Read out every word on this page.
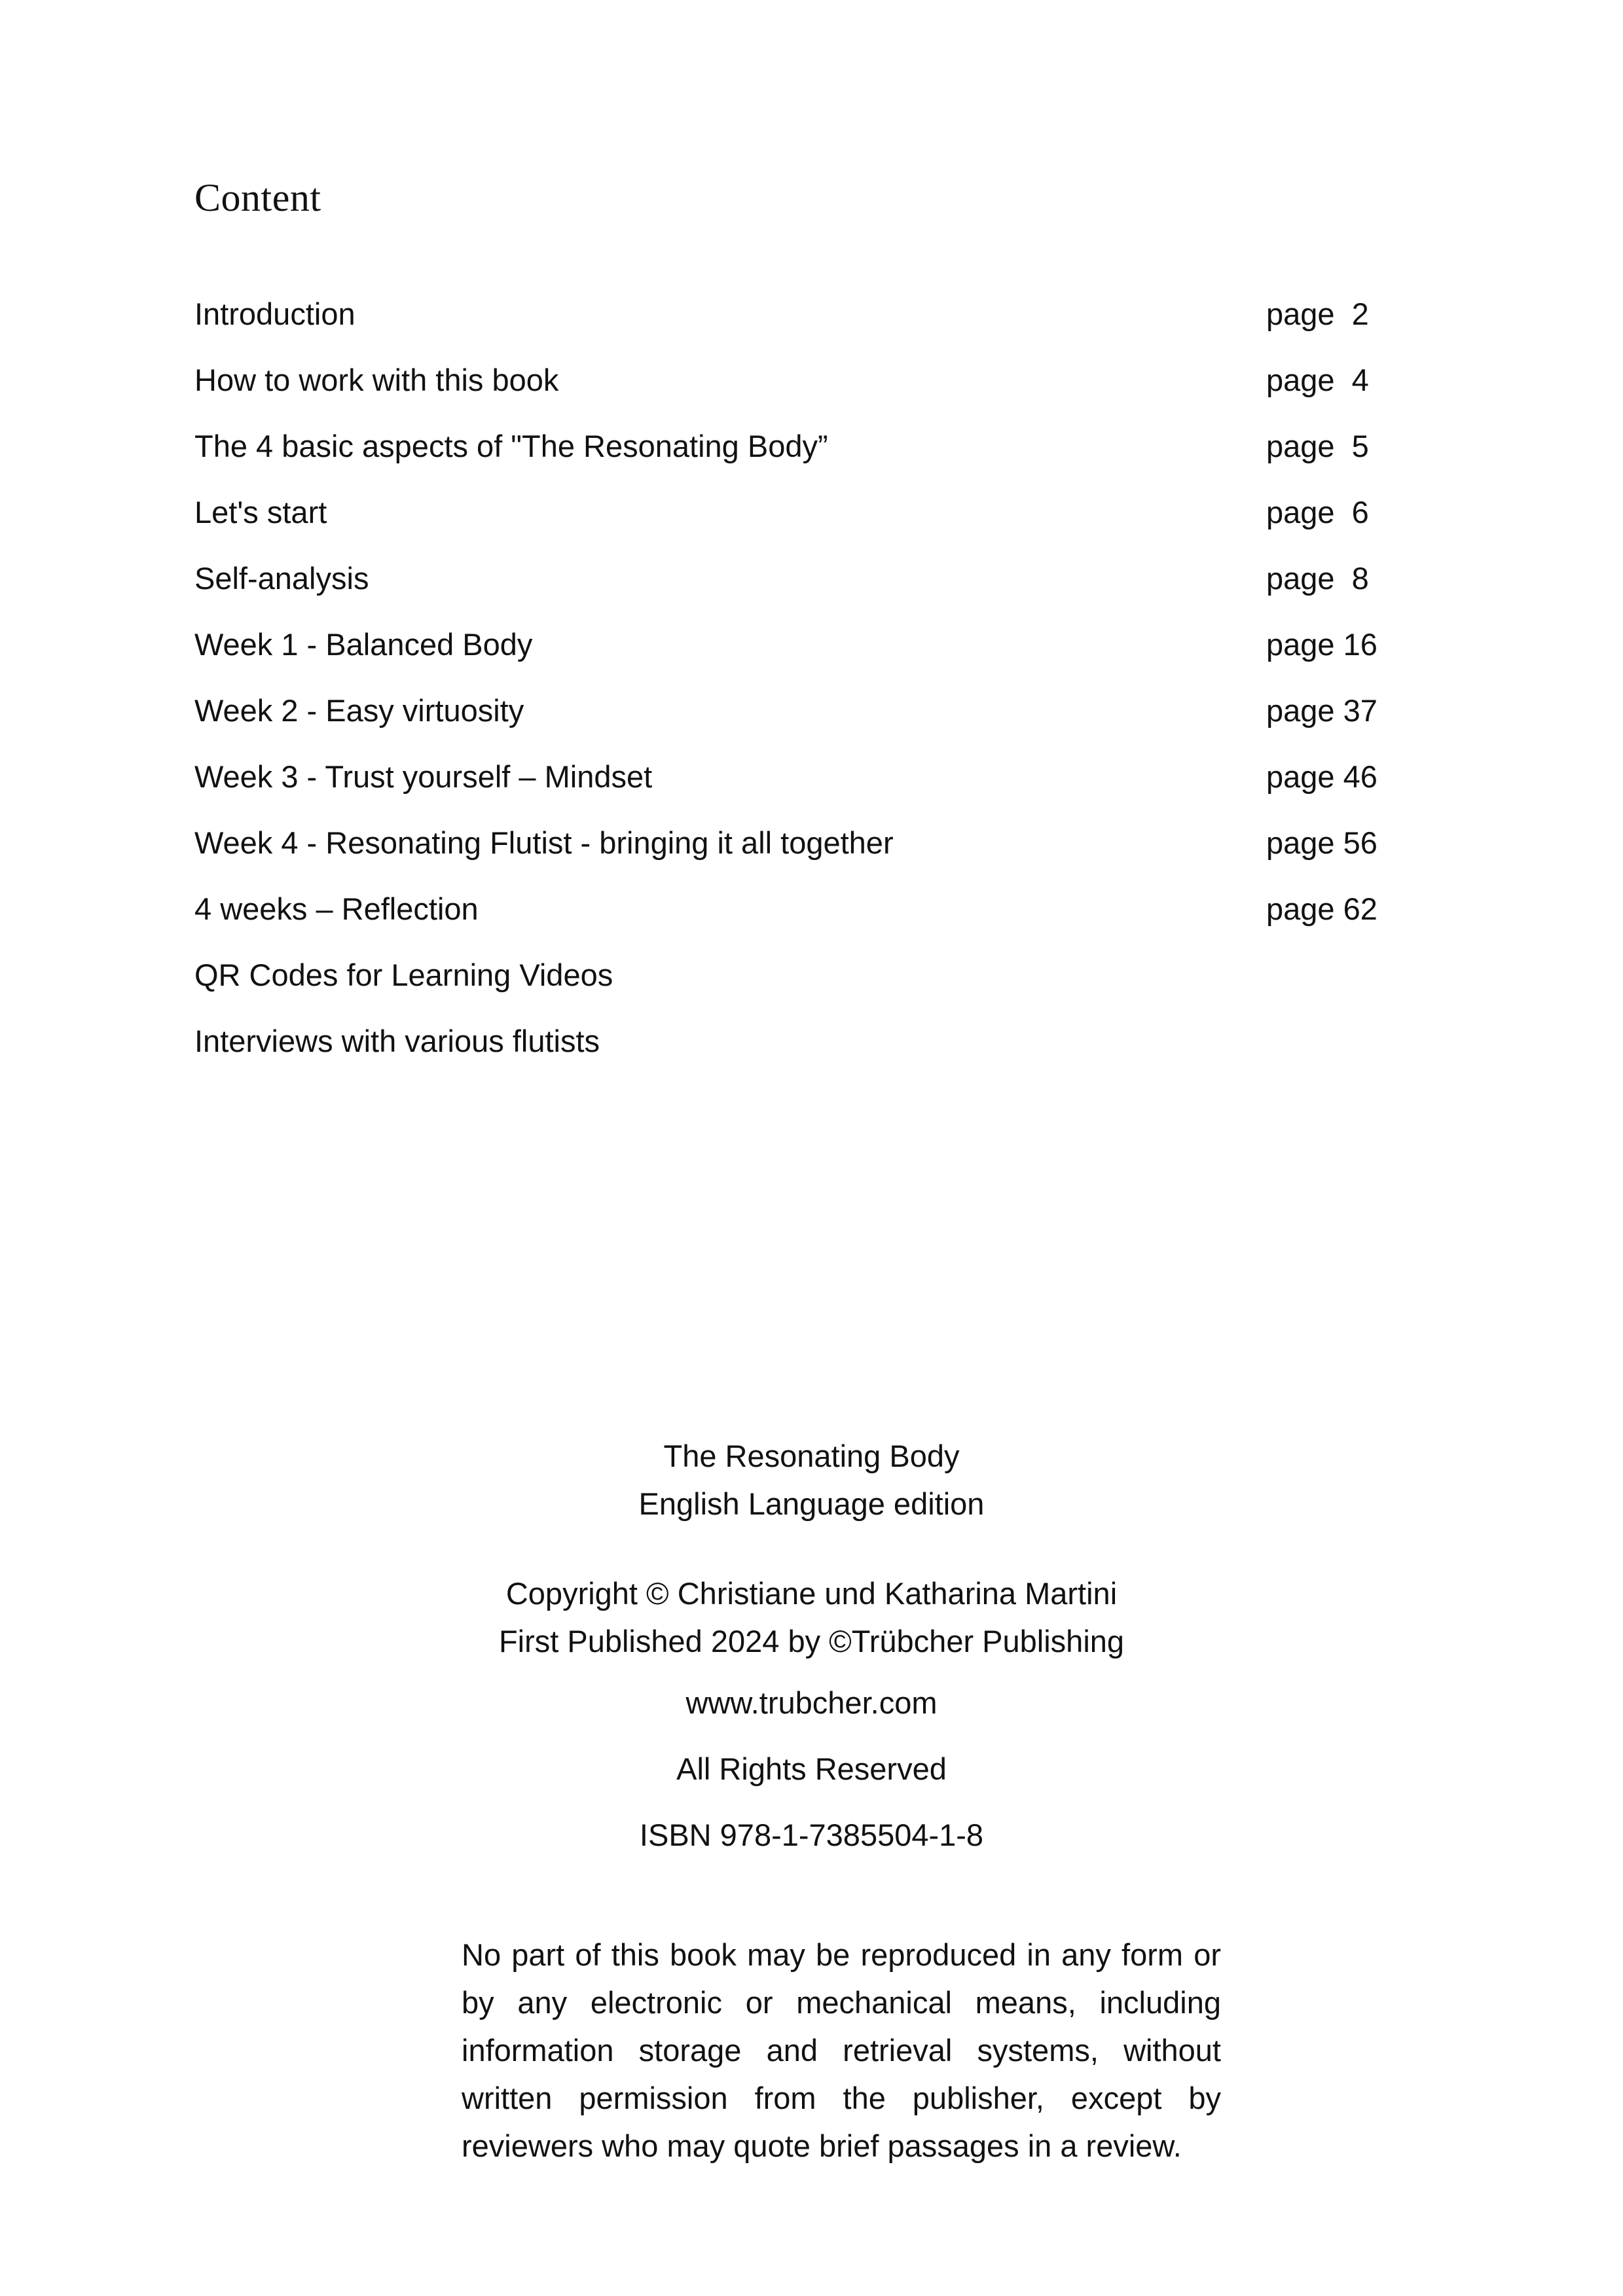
Content
Introduction	page  2
How to work with this book	page  4
The 4 basic aspects of "The Resonating Body”	page  5
Let's start	page  6
Self-analysis	page  8
Week 1 - Balanced Body	page 16
Week 2 - Easy virtuosity	page 37
Week 3 - Trust yourself – Mindset	page 46
Week 4 - Resonating Flutist - bringing it all together	page 56
4 weeks – Reflection	page 62
QR Codes for Learning Videos
Interviews with various flutists

The Resonating Body

English Language edition

Copyright © Christiane und Katharina Martini

First Published 2024 by ©Trübcher Publishing

www.trubcher.com
All Rights Reserved
ISBN 978-1-7385504-1-8

No part of this book may be reproduced in any form or by any electronic or mechanical means, including information storage and retrieval systems, without written permission from the publisher, except by reviewers who may quote brief passages in a review.
